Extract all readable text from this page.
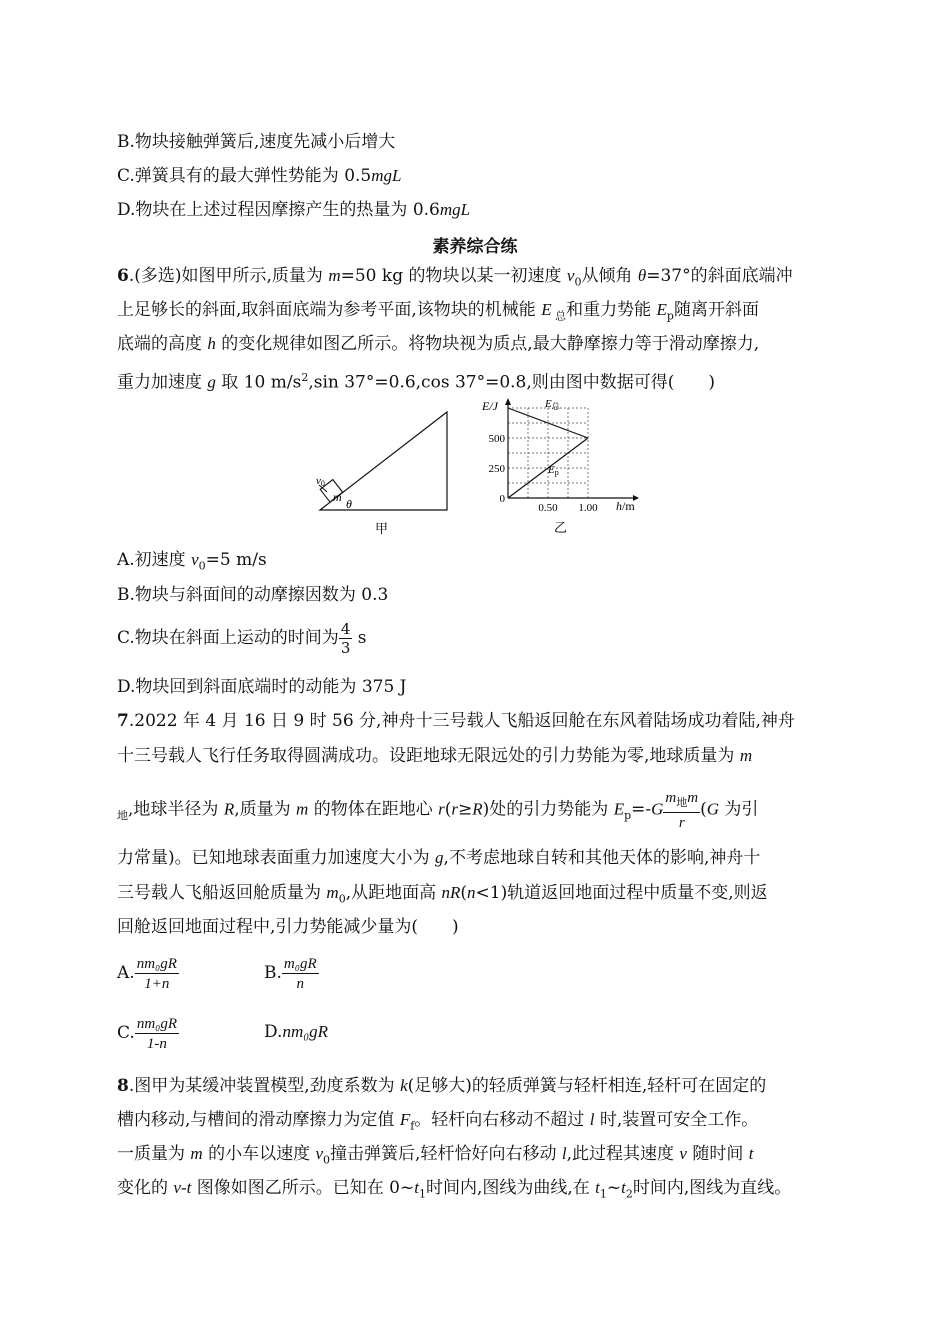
B.物块接触弹簧后,速度先减小后增大
C.弹簧具有的最大弹性势能为 0.5mgL
D.物块在上述过程因摩擦产生的热量为 0.6mgL
素养综合练
6.(多选)如图甲所示,质量为 m=50 kg 的物块以某一初速度 $v_0$从倾角 θ=37°的斜面底端冲
上足够长的斜面,取斜面底端为参考平面,该物块的机械能 E $_总$和重力势能 $E_p$随离开斜面
底端的高度 h 的变化规律如图乙所示。将物块视为质点,最大静摩擦力等于滑动摩擦力,
重力加速度 g 取 10 $m/s^2,\sin$ 37°=0.6,cos 37°=0.8,则由图中数据可得(　　)
m θ
v0
甲
E/J
h/m
0
250
500
0.50 1.00
E总
Ep
乙
A.初速度 $v_0=5$ m/s
B.物块与斜面间的动摩擦因数为 0.3
C.物块在斜面上运动的时间为 $\frac{4}{3}$ s
D.物块回到斜面底端时的动能为 375 J
7.2022 年 4 月 16 日 9 时 56 分,神舟十三号载人飞船返回舱在东风着陆场成功着陆,神舟
十三号载人飞行任务取得圆满成功。设距地球无限远处的引力势能为零,地球质量为 m
$_地$,地球半径为 R,质量为 m 的物体在距地心 r(r≥R)处的引力势能为 $E_p=-G \frac{m_地m}{r} (G$ 为引
力常量)。已知地球表面重力加速度大小为 g,不考虑地球自转和其他天体的影响,神舟十
三号载人飞船返回舱质量为 $m_0$,从距地面高 nR(n<1)轨道返回地面过程中质量不变,则返
回舱返回地面过程中,引力势能减少量为(　　)
A. $\frac{\text{nm₀gR}}{1+n}$	B. $\frac{\text{m₀gR}}{n}$
C. $\frac{\text{nm₀gR}}{1-n}$	D.nm₀gR
8.图甲为某缓冲装置模型,劲度系数为 k(足够大)的轻质弹簧与轻杆相连,轻杆可在固定的
槽内移动,与槽间的滑动摩擦力为定值 $F_f$。轻杆向右移动不超过 l 时,装置可安全工作。
一质量为 m 的小车以速度 $v_0$撞击弹簧后,轻杆恰好向右移动 l,此过程其速度 v 随时间 t
变化的 v-t 图像如图乙所示。已知在 $0\sim t_1$时间内,图线为曲线,在 $t_1\sim t_2$时间内,图线为直线。
